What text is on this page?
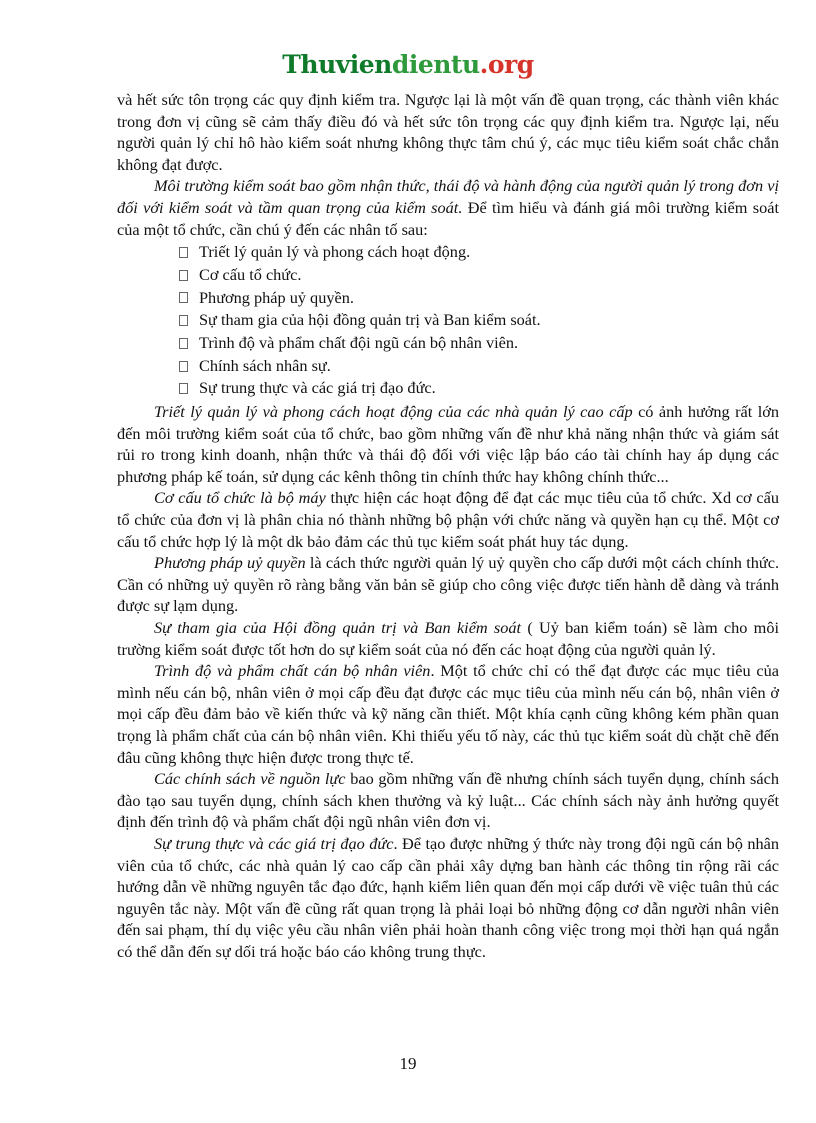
Thuviendientu.org

và hết sức tôn trọng các quy định kiểm tra. Ngược lại là một vấn đề quan trọng, các thành viên khác trong đơn vị cũng sẽ cảm thấy điều đó và hết sức tôn trọng các quy định kiểm tra. Ngược lại, nếu người quản lý chỉ hô hào kiểm soát nhưng không thực tâm chú ý, các mục tiêu kiểm soát chắc chắn không đạt được.

Môi trường kiểm soát bao gồm nhận thức, thái độ và hành động của người quản lý trong đơn vị đối với kiểm soát và tầm quan trọng của kiểm soát. Để tìm hiểu và đánh giá môi trường kiểm soát của một tổ chức, cần chú ý đến các nhân tố sau:

Triết lý quản lý và phong cách hoạt động.
Cơ cấu tổ chức.
Phương pháp uỷ quyền.
Sự tham gia của hội đồng quản trị và Ban kiểm soát.
Trình độ và phẩm chất đội ngũ cán bộ nhân viên.
Chính sách nhân sự.
Sự trung thực và các giá trị đạo đức.

Triết lý quản lý và phong cách hoạt động của các nhà quản lý cao cấp có ảnh hưởng rất lớn đến môi trường kiểm soát của tổ chức, bao gồm những vấn đề như khả năng nhận thức và giám sát rủi ro trong kinh doanh, nhận thức và thái độ đối với việc lập báo cáo tài chính hay áp dụng các phương pháp kế toán, sử dụng các kênh thông tin chính thức hay không chính thức...

Cơ cấu tổ chức là bộ máy thực hiện các hoạt động để đạt các mục tiêu của tổ chức. Xd cơ cấu tổ chức của đơn vị là phân chia nó thành những bộ phận với chức năng và quyền hạn cụ thể. Một cơ cấu tổ chức hợp lý là một dk bảo đảm các thủ tục kiểm soát phát huy tác dụng.

Phương pháp uỷ quyền là cách thức người quản lý uỷ quyền cho cấp dưới một cách chính thức. Cần có những uỷ quyền rõ ràng bằng văn bản sẽ giúp cho công việc được tiến hành dễ dàng và tránh được sự lạm dụng.

Sự tham gia của Hội đồng quản trị và Ban kiểm soát ( Uỷ ban kiểm toán) sẽ làm cho môi trường kiểm soát được tốt hơn do sự kiểm soát của nó đến các hoạt động của người quản lý.

Trình độ và phẩm chất cán bộ nhân viên. Một tổ chức chỉ có thể đạt được các mục tiêu của mình nếu cán bộ, nhân viên ở mọi cấp đều đạt được các mục tiêu của mình nếu cán bộ, nhân viên ở mọi cấp đều đảm bảo về kiến thức và kỹ năng cần thiết. Một khía cạnh cũng không kém phần quan trọng là phẩm chất của cán bộ nhân viên. Khi thiếu yếu tố này, các thủ tục kiểm soát dù chặt chẽ đến đâu cũng không thực hiện được trong thực tế.

Các chính sách về nguồn lực bao gồm những vấn đề nhưng chính sách tuyển dụng, chính sách đào tạo sau tuyển dụng, chính sách khen thưởng và kỷ luật... Các chính sách này ảnh hưởng quyết định đến trình độ và phẩm chất đội ngũ nhân viên đơn vị.

Sự trung thực và các giá trị đạo đức. Để tạo được những ý thức này trong đội ngũ cán bộ nhân viên của tổ chức, các nhà quản lý cao cấp cần phải xây dựng ban hành các thông tin rộng rãi các hướng dẫn về những nguyên tắc đạo đức, hạnh kiểm liên quan đến mọi cấp dưới về việc tuân thủ các nguyên tắc này. Một vấn đề cũng rất quan trọng là phải loại bỏ những động cơ dẫn người nhân viên đến sai phạm, thí dụ việc yêu cầu nhân viên phải hoàn thanh công việc trong mọi thời hạn quá ngắn có thể dẫn đến sự dối trá hoặc báo cáo không trung thực.

19
